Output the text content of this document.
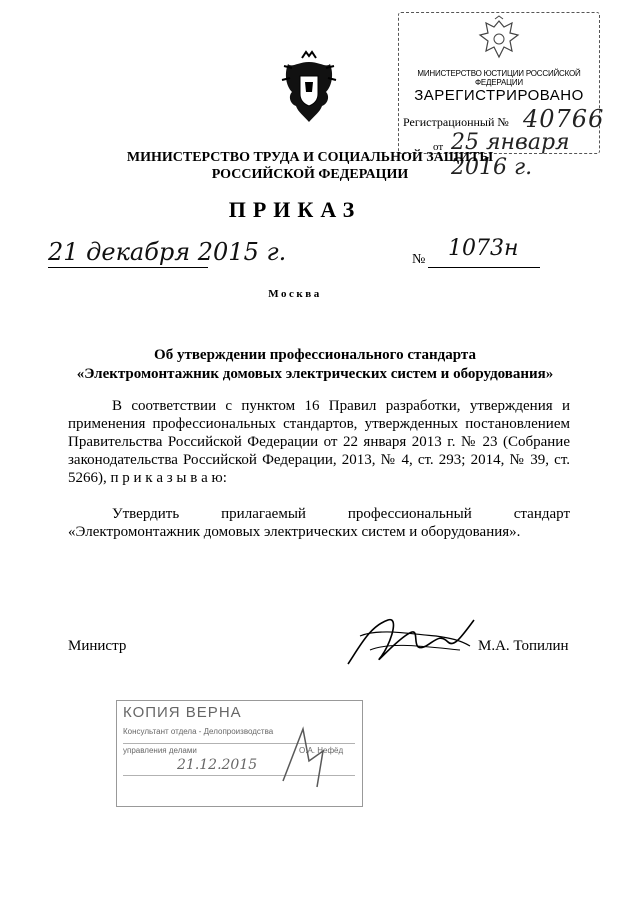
МИНИСТЕРСТВО ЮСТИЦИИ РОССИЙСКОЙ ФЕДЕРАЦИИ
ЗАРЕГИСТРИРОВАНО
Регистрационный № 40766
от 25 января 2016 г.
МИНИСТЕРСТВО ТРУДА И СОЦИАЛЬНОЙ ЗАЩИТЫ
РОССИЙСКОЙ ФЕДЕРАЦИИ
ПРИКАЗ
21 декабря 2015 г.	№ 1073н
Москва
Об утверждении профессионального стандарта
«Электромонтажник домовых электрических систем и оборудования»
В соответствии с пунктом 16 Правил разработки, утверждения и применения профессиональных стандартов, утвержденных постановлением Правительства Российской Федерации от 22 января 2013 г. № 23 (Собрание законодательства Российской Федерации, 2013, № 4, ст. 293; 2014, № 39, ст. 5266), п р и к а з ы в а ю:
Утвердить прилагаемый профессиональный стандарт «Электромонтажник домовых электрических систем и оборудования».
Министр	М.А. Топилин
КОПИЯ ВЕРНА
Консультант отдела - Делопроизводства
управления делами	О.А. Нефёд
21.12.2015
